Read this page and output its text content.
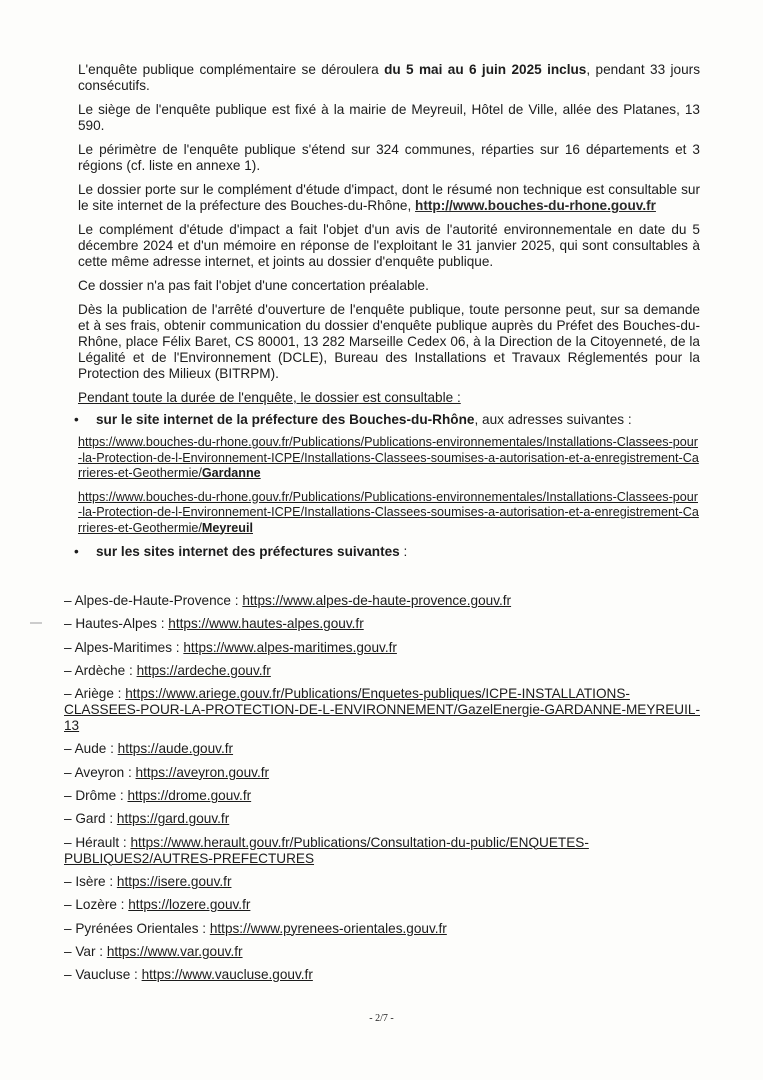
L'enquête publique complémentaire se déroulera du 5 mai au 6 juin 2025 inclus, pendant 33 jours consécutifs.

Le siège de l'enquête publique est fixé à la mairie de Meyreuil, Hôtel de Ville, allée des Platanes, 13 590.

Le périmètre de l'enquête publique s'étend sur 324 communes, réparties sur 16 départements et 3 régions (cf. liste en annexe 1).

Le dossier porte sur le complément d'étude d'impact, dont le résumé non technique est consultable sur le site internet de la préfecture des Bouches-du-Rhône, http://www.bouches-du-rhone.gouv.fr

Le complément d'étude d'impact a fait l'objet d'un avis de l'autorité environnementale en date du 5 décembre 2024 et d'un mémoire en réponse de l'exploitant le 31 janvier 2025, qui sont consultables à cette même adresse internet, et joints au dossier d'enquête publique.

Ce dossier n'a pas fait l'objet d'une concertation préalable.

Dès la publication de l'arrêté d'ouverture de l'enquête publique, toute personne peut, sur sa demande et à ses frais, obtenir communication du dossier d'enquête publique auprès du Préfet des Bouches-du-Rhône, place Félix Baret, CS 80001, 13 282 Marseille Cedex 06, à la Direction de la Citoyenneté, de la Légalité et de l'Environnement (DCLE), Bureau des Installations et Travaux Réglementés pour la Protection des Milieux (BITRPM).

Pendant toute la durée de l'enquête, le dossier est consultable :

• sur le site internet de la préfecture des Bouches-du-Rhône, aux adresses suivantes :
https://www.bouches-du-rhone.gouv.fr/Publications/Publications-environnementales/Installations-Classees-pour-la-Protection-de-l-Environnement-ICPE/Installations-Classees-soumises-a-autorisation-et-a-enregistrement-Carrieres-et-Geothermie/Gardanne
https://www.bouches-du-rhone.gouv.fr/Publications/Publications-environnementales/Installations-Classees-pour-la-Protection-de-l-Environnement-ICPE/Installations-Classees-soumises-a-autorisation-et-a-enregistrement-Carrieres-et-Geothermie/Meyreuil
• sur les sites internet des préfectures suivantes :
– Alpes-de-Haute-Provence : https://www.alpes-de-haute-provence.gouv.fr
– Hautes-Alpes : https://www.hautes-alpes.gouv.fr
– Alpes-Maritimes : https://www.alpes-maritimes.gouv.fr
– Ardèche : https://ardeche.gouv.fr
– Ariège : https://www.ariege.gouv.fr/Publications/Enquetes-publiques/ICPE-INSTALLATIONS-CLASSEES-POUR-LA-PROTECTION-DE-L-ENVIRONNEMENT/GazelEnergie-GARDANNE-MEYREUIL-13
– Aude : https://aude.gouv.fr
– Aveyron : https://aveyron.gouv.fr
– Drôme : https://drome.gouv.fr
– Gard : https://gard.gouv.fr
– Hérault : https://www.herault.gouv.fr/Publications/Consultation-du-public/ENQUETES-PUBLIQUES2/AUTRES-PREFECTURES
– Isère : https://isere.gouv.fr
– Lozère : https://lozere.gouv.fr
– Pyrénées Orientales : https://www.pyrenees-orientales.gouv.fr
– Var : https://www.var.gouv.fr
– Vaucluse : https://www.vaucluse.gouv.fr
- 2/7 -
